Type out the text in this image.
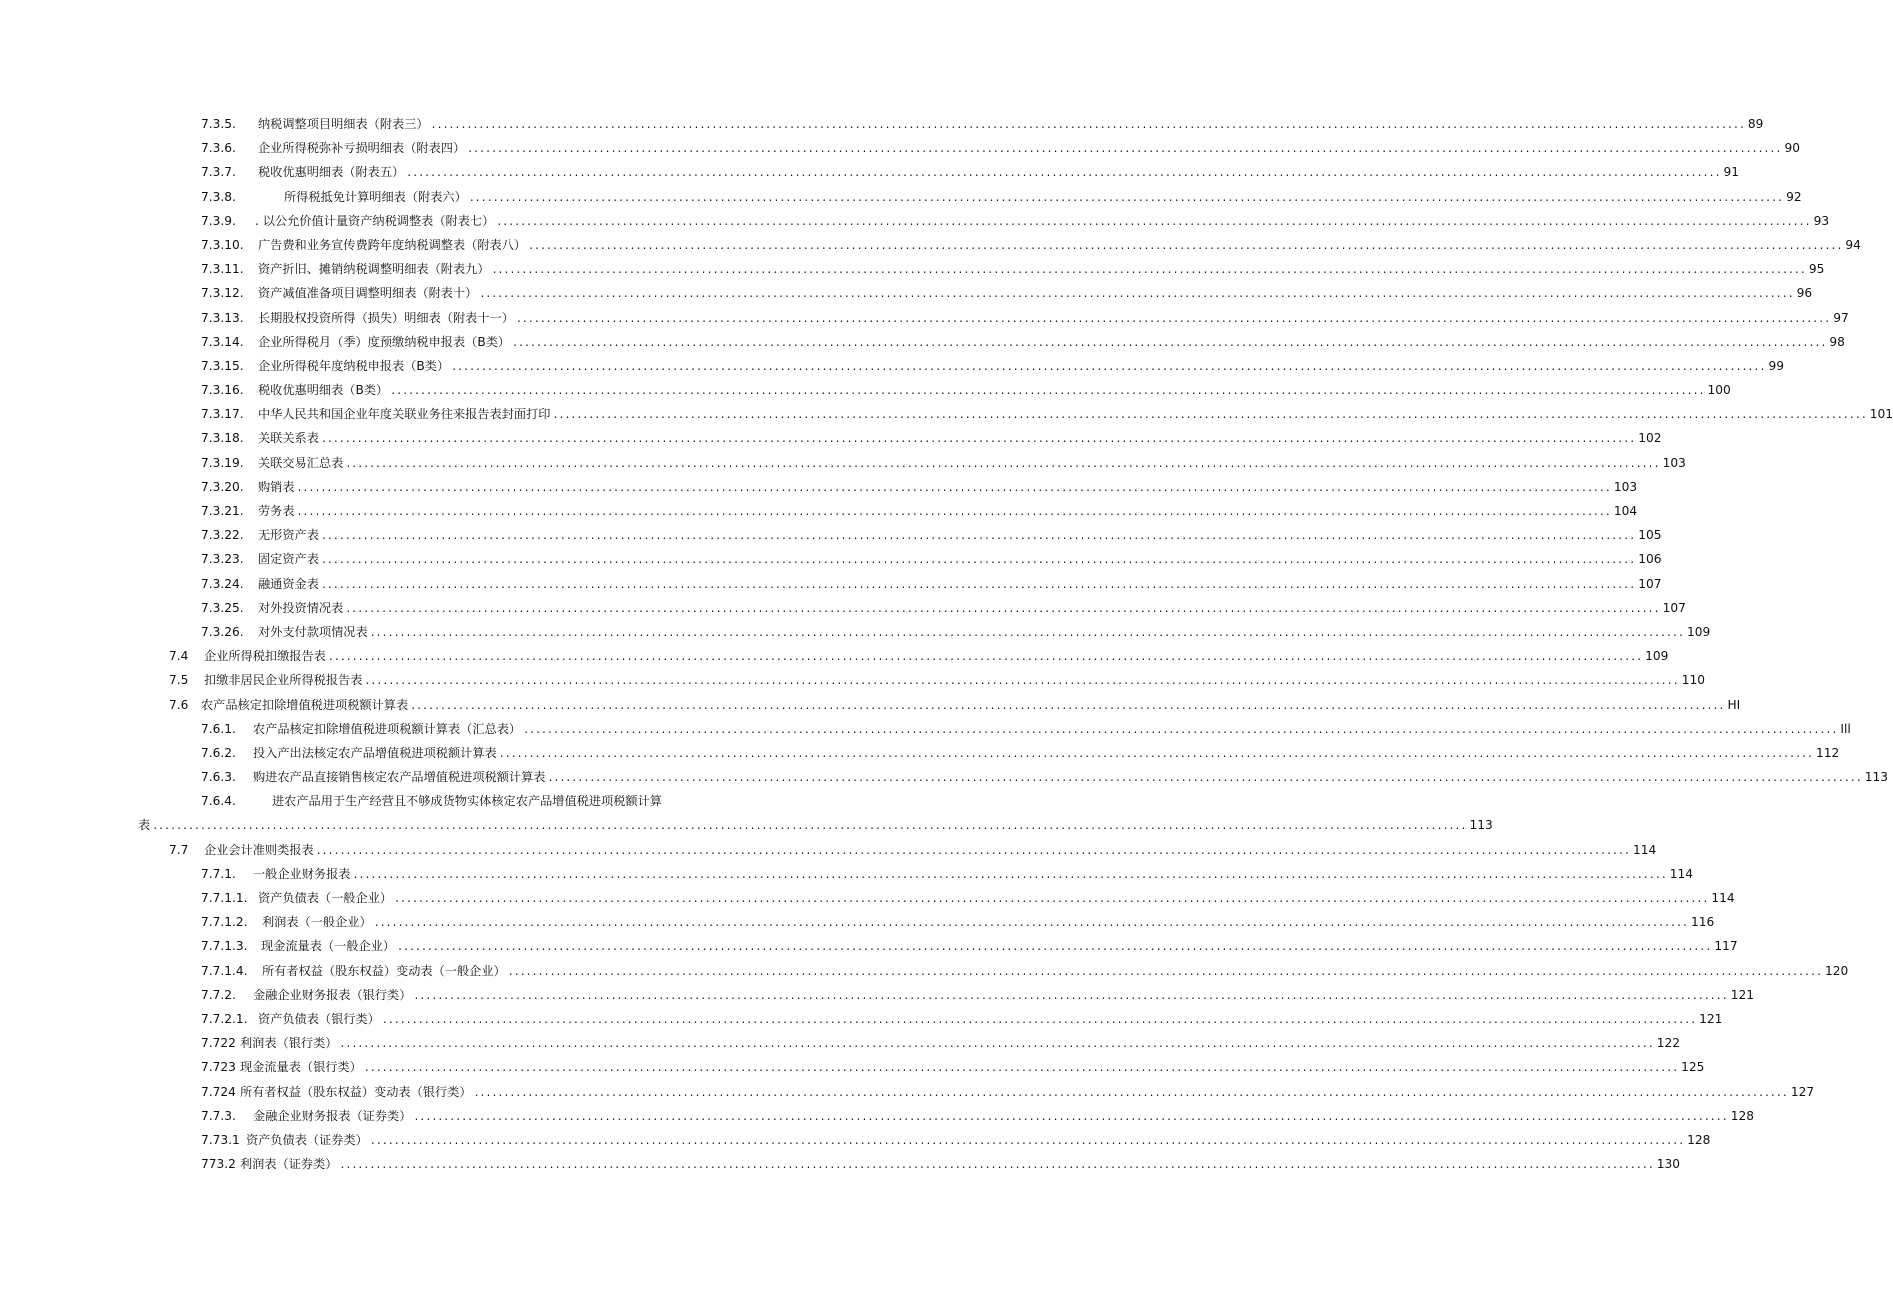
7.3.5. 纳税调整项目明细表（附表三） ............................................................................................................................................................................................................................ 89
7.3.6. 企业所得税弥补亏损明细表（附表四） ............................................................................................................................................................................................................................ 90
7.3.7. 税收优惠明细表（附表五） ............................................................................................................................................................................................................................ 91
7.3.8.	所得税抵免计算明细表（附表六） ............................................................................................................................................................................................................................ 92
7.3.9. . 以公允价值计量资产纳税调整表（附表七） ............................................................................................................................................................................................................................ 93
7.3.10. 广告费和业务宣传费跨年度纳税调整表（附表八） ............................................................................................................................................................................................................................ 94
7.3.11. 资产折旧、摊销纳税调整明细表（附表九） ............................................................................................................................................................................................................................ 95
7.3.12. 资产减值准备项目调整明细表（附表十） ............................................................................................................................................................................................................................ 96
7.3.13. 长期股权投资所得（损失）明细表（附表十一） ............................................................................................................................................................................................................................ 97
7.3.14. 企业所得税月（季）度预缴纳税申报表（B类） ............................................................................................................................................................................................................................ 98
7.3.15. 企业所得税年度纳税申报表（B类） ............................................................................................................................................................................................................................ 99
7.3.16. 税收优惠明细表（B类） ............................................................................................................................................................................................................................ 100
7.3.17. 中华人民共和国企业年度关联业务往来报告表封面打印 ............................................................................................................................................................................................................................ 101
7.3.18. 关联关系表 ............................................................................................................................................................................................................................ 102
7.3.19. 关联交易汇总表 ............................................................................................................................................................................................................................ 103
7.3.20. 购销表 ............................................................................................................................................................................................................................ 103
7.3.21. 劳务表 ............................................................................................................................................................................................................................ 104
7.3.22. 无形资产表 ............................................................................................................................................................................................................................ 105
7.3.23. 固定资产表 ............................................................................................................................................................................................................................ 106
7.3.24. 融通资金表 ............................................................................................................................................................................................................................ 107
7.3.25. 对外投资情况表 ............................................................................................................................................................................................................................ 107
7.3.26. 对外支付款项情况表 ............................................................................................................................................................................................................................ 109
7.4 企业所得税扣缴报告表 ............................................................................................................................................................................................................................ 109
7.5 扣缴非居民企业所得税报告表 ............................................................................................................................................................................................................................ 110
7.6 农产品核定扣除增值税进项税额计算表 ............................................................................................................................................................................................................................ HI
7.6.1. 农产品核定扣除增值税进项税额计算表（汇总表） ............................................................................................................................................................................................................................ Ill
7.6.2. 投入产出法核定农产品增值税进项税额计算表 ............................................................................................................................................................................................................................ 112
7.6.3. 购进农产品直接销售核定农产品增值税进项税额计算表 ............................................................................................................................................................................................................................ 113
7.6.4.	进农产品用于生产经营且不够成货物实体核定农产品增值税进项税额计算
表 ............................................................................................................................................................................................................................ 113
7.7 企业会计准则类报表 ............................................................................................................................................................................................................................ 114
7.7.1. 一般企业财务报表 ............................................................................................................................................................................................................................ 114
7.7.1.1. 资产负债表（一般企业） ............................................................................................................................................................................................................................ 114
7.7.1.2. 利润表（一般企业） ............................................................................................................................................................................................................................ 116
7.7.1.3. 现金流量表（一般企业） ............................................................................................................................................................................................................................ 117
7.7.1.4. 所有者权益（股东权益）变动表（一般企业） ............................................................................................................................................................................................................................ 120
7.7.2. 金融企业财务报表（银行类） ............................................................................................................................................................................................................................ 121
7.7.2.1. 资产负债表（银行类） ............................................................................................................................................................................................................................ 121
7.722 利润表（银行类） ............................................................................................................................................................................................................................ 122
7.723 现金流量表（银行类） ............................................................................................................................................................................................................................ 125
7.724 所有者权益（股东权益）变动表（银行类） ............................................................................................................................................................................................................................ 127
7.7.3. 金融企业财务报表（证券类） ............................................................................................................................................................................................................................ 128
7.73.1 资产负债表（证券类） ............................................................................................................................................................................................................................ 128
773.2 利润表（证券类） ............................................................................................................................................................................................................................ 130
